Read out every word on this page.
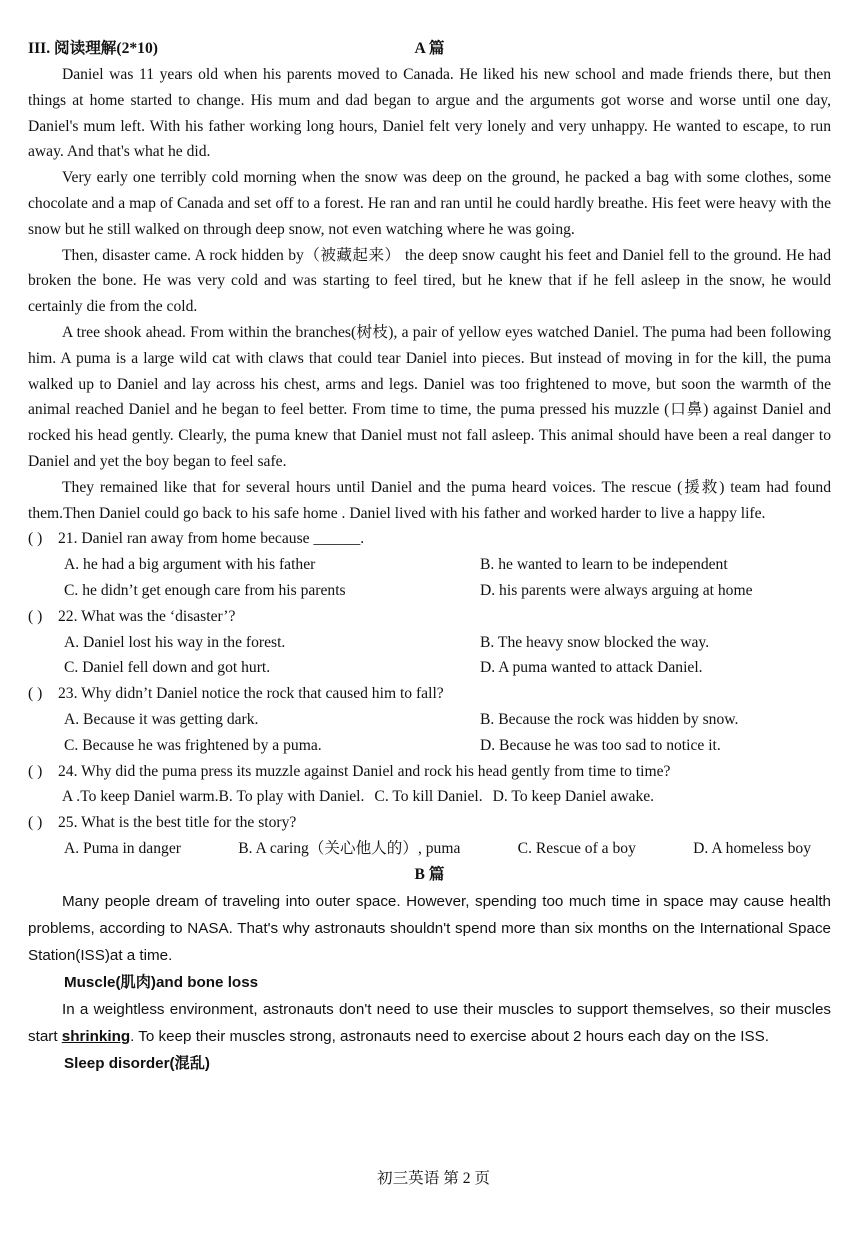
III. 阅读理解(2*10)	A 篇

Daniel was 11 years old when his parents moved to Canada. He liked his new school and made friends there, but then things at home started to change. His mum and dad began to argue and the arguments got worse and worse until one day, Daniel's mum left. With his father working long hours, Daniel felt very lonely and very unhappy. He wanted to escape, to run away. And that's what he did.

Very early one terribly cold morning when the snow was deep on the ground, he packed a bag with some clothes, some chocolate and a map of Canada and set off to a forest. He ran and ran until he could hardly breathe. His feet were heavy with the snow but he still walked on through deep snow, not even watching where he was going.

Then, disaster came. A rock hidden by（被藏起来） the deep snow caught his feet and Daniel fell to the ground. He had broken the bone. He was very cold and was starting to feel tired, but he knew that if he fell asleep in the snow, he would certainly die from the cold.

A tree shook ahead. From within the branches(树枝), a pair of yellow eyes watched Daniel. The puma had been following him. A puma is a large wild cat with claws that could tear Daniel into pieces. But instead of moving in for the kill, the puma walked up to Daniel and lay across his chest, arms and legs. Daniel was too frightened to move, but soon the warmth of the animal reached Daniel and he began to feel better. From time to time, the puma pressed his muzzle (口鼻) against Daniel and rocked his head gently. Clearly, the puma knew that Daniel must not fall asleep. This animal should have been a real danger to Daniel and yet the boy began to feel safe.

They remained like that for several hours until Daniel and the puma heard voices. The rescue (援救) team had found them.Then Daniel could go back to his safe home . Daniel lived with his father and worked harder to live a happy life.

( ) 21. Daniel ran away from home because ______.
A. he had a big argument with his father	B. he wanted to learn to be independent
C. he didn’t get enough care from his parents	D. his parents were always arguing at home
( ) 22. What was the ‘disaster’?
A. Daniel lost his way in the forest.	B. The heavy snow blocked the way.
C. Daniel fell down and got hurt.	D. A puma wanted to attack Daniel.
( ) 23. Why didn’t Daniel notice the rock that caused him to fall?
A. Because it was getting dark.	B. Because the rock was hidden by snow.
C. Because he was frightened by a puma.	D. Because he was too sad to notice it.
( ) 24. Why did the puma press its muzzle against Daniel and rock his head gently from time to time?
A .To keep Daniel warm. B. To play with Daniel. C. To kill Daniel. D. To keep Daniel awake.
( ) 25. What is the best title for the story?
A. Puma in danger	B. A caring（关心他人的）, puma	C. Rescue of a boy	D. A homeless boy
B 篇

Many people dream of traveling into outer space. However, spending too much time in space may cause health problems, according to NASA. That's why astronauts shouldn't spend more than six months on the International Space Station(ISS)at a time.

Muscle(肌肉)and bone loss

In a weightless environment, astronauts don't need to use their muscles to support themselves, so their muscles start shrinking. To keep their muscles strong, astronauts need to exercise about 2 hours each day on the ISS.

Sleep disorder(混乱)
初三英语 第 2 页
